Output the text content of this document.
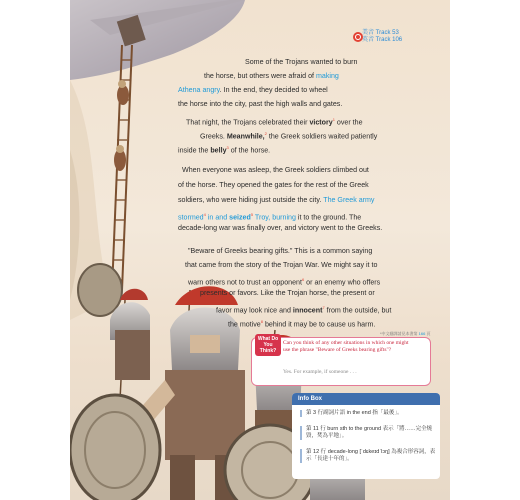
美音 Track 53
英音 Track 106
Some of the Trojans wanted to burn
the horse, but others were afraid of making
Athena angry. In the end, they decided to wheel
the horse into the city, past the high walls and gates.
That night, the Trojans celebrated their victory$^1$ over the
Greeks. Meanwhile,$^2$ the Greek soldiers waited patiently
inside the belly$^3$ of the horse.
When everyone was asleep, the Greek soldiers climbed out
of the horse. They opened the gates for the rest of the Greek
soldiers, who were hiding just outside the city. The Greek army
stormed$^4$ in and seized$^5$ Troy, burning it to the ground. The
decade-long war was finally over, and victory went to the Greeks.
"Beware of Greeks bearing gifts." This is a common saying
that came from the story of the Trojan War. We might say it to
warn others not to trust an opponent$^6$ or an enemy who offers
presents or favors. Like the Trojan horse, the present or
favor may look nice and innocent$^7$ from the outside, but
the motive$^8$ behind it may be to cause us harm.
*中文翻譯請見本書第 166 頁
What Do You Think?
Can you think of any other situations in which one might use the phrase "Beware of Greeks bearing gifts"?
Yes. For example, if someone . . .
Info Box
第 3 行副詞片語 in the end 指「最後」。
第 11 行 burn sth to the ground 表示「將……完全燒毀，焚為平地」。
第 12 行 decade-long [ˈdɛkeɪdˈlɔŋ] 為複合形容詞，表示「長達十年的」。
